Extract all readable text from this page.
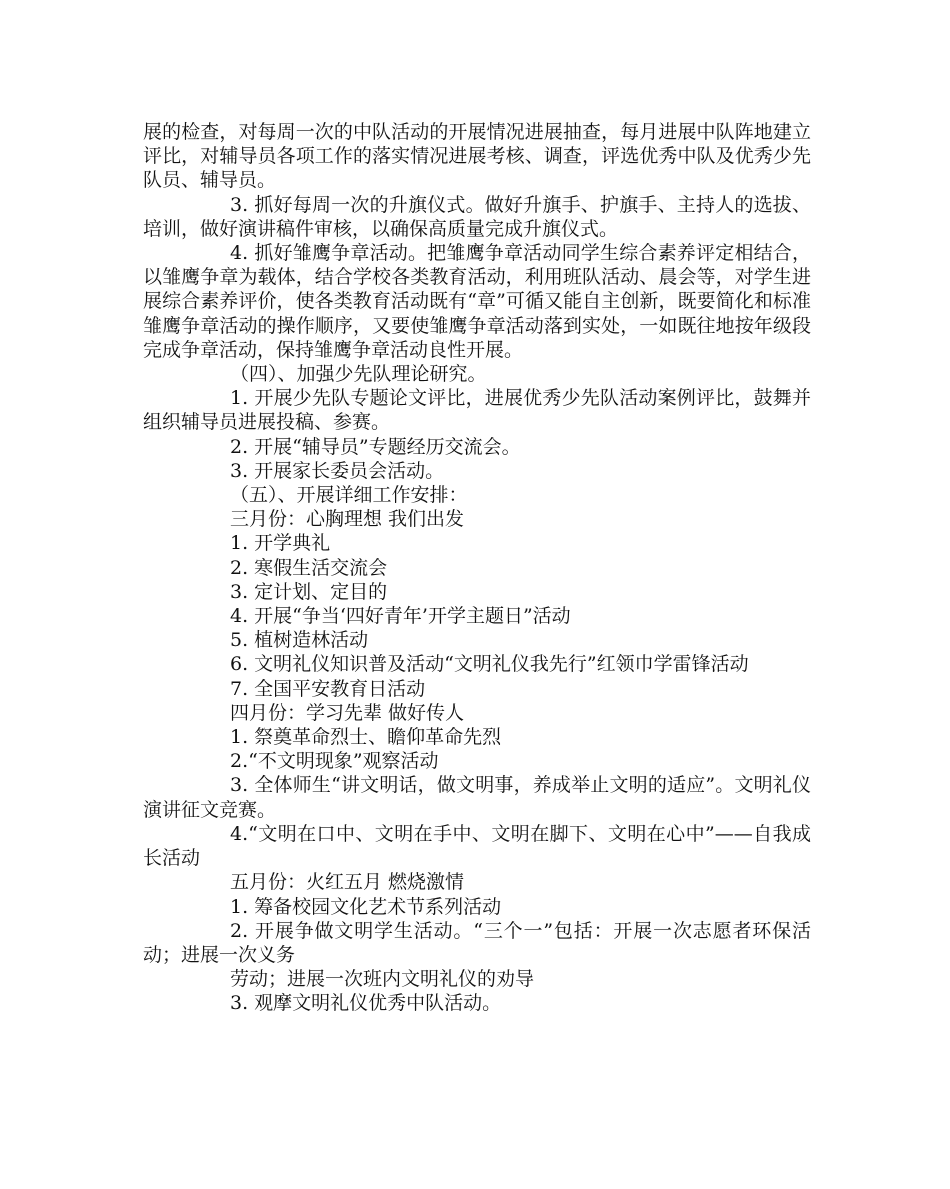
展的检查，对每周一次的中队活动的开展情况进展抽查，每月进展中队阵地建立评比，对辅导员各项工作的落实情况进展考核、调查，评选优秀中队及优秀少先队员、辅导员。

3. 抓好每周一次的升旗仪式。做好升旗手、护旗手、主持人的选拔、培训，做好演讲稿件审核，以确保高质量完成升旗仪式。

4. 抓好雏鹰争章活动。把雏鹰争章活动同学生综合素养评定相结合，以雏鹰争章为载体，结合学校各类教育活动，利用班队活动、晨会等，对学生进展综合素养评价，使各类教育活动既有“章”可循又能自主创新，既要简化和标准雏鹰争章活动的操作顺序，又要使雏鹰争章活动落到实处，一如既往地按年级段完成争章活动，保持雏鹰争章活动良性开展。

（四）、加强少先队理论研究。

1. 开展少先队专题论文评比，进展优秀少先队活动案例评比，鼓舞并组织辅导员进展投稿、参赛。

2. 开展“辅导员”专题经历交流会。

3. 开展家长委员会活动。

（五）、开展详细工作安排：

三月份：心胸理想 我们出发

1. 开学典礼

2. 寒假生活交流会

3. 定计划、定目的

4. 开展“争当‘四好青年’开学主题日”活动

5. 植树造林活动

6. 文明礼仪知识普及活动“文明礼仪我先行”红领巾学雷锋活动

7. 全国平安教育日活动

四月份：学习先辈 做好传人

1. 祭奠革命烈士、瞻仰革命先烈

2.“不文明现象”观察活动

3. 全体师生“讲文明话，做文明事，养成举止文明的适应”。文明礼仪演讲征文竞赛。

4.“文明在口中、文明在手中、文明在脚下、文明在心中”——自我成长活动

五月份：火红五月 燃烧激情

1. 筹备校园文化艺术节系列活动

2. 开展争做文明学生活动。“三个一”包括：开展一次志愿者环保活动；进展一次义务

劳动；进展一次班内文明礼仪的劝导

3. 观摩文明礼仪优秀中队活动。
